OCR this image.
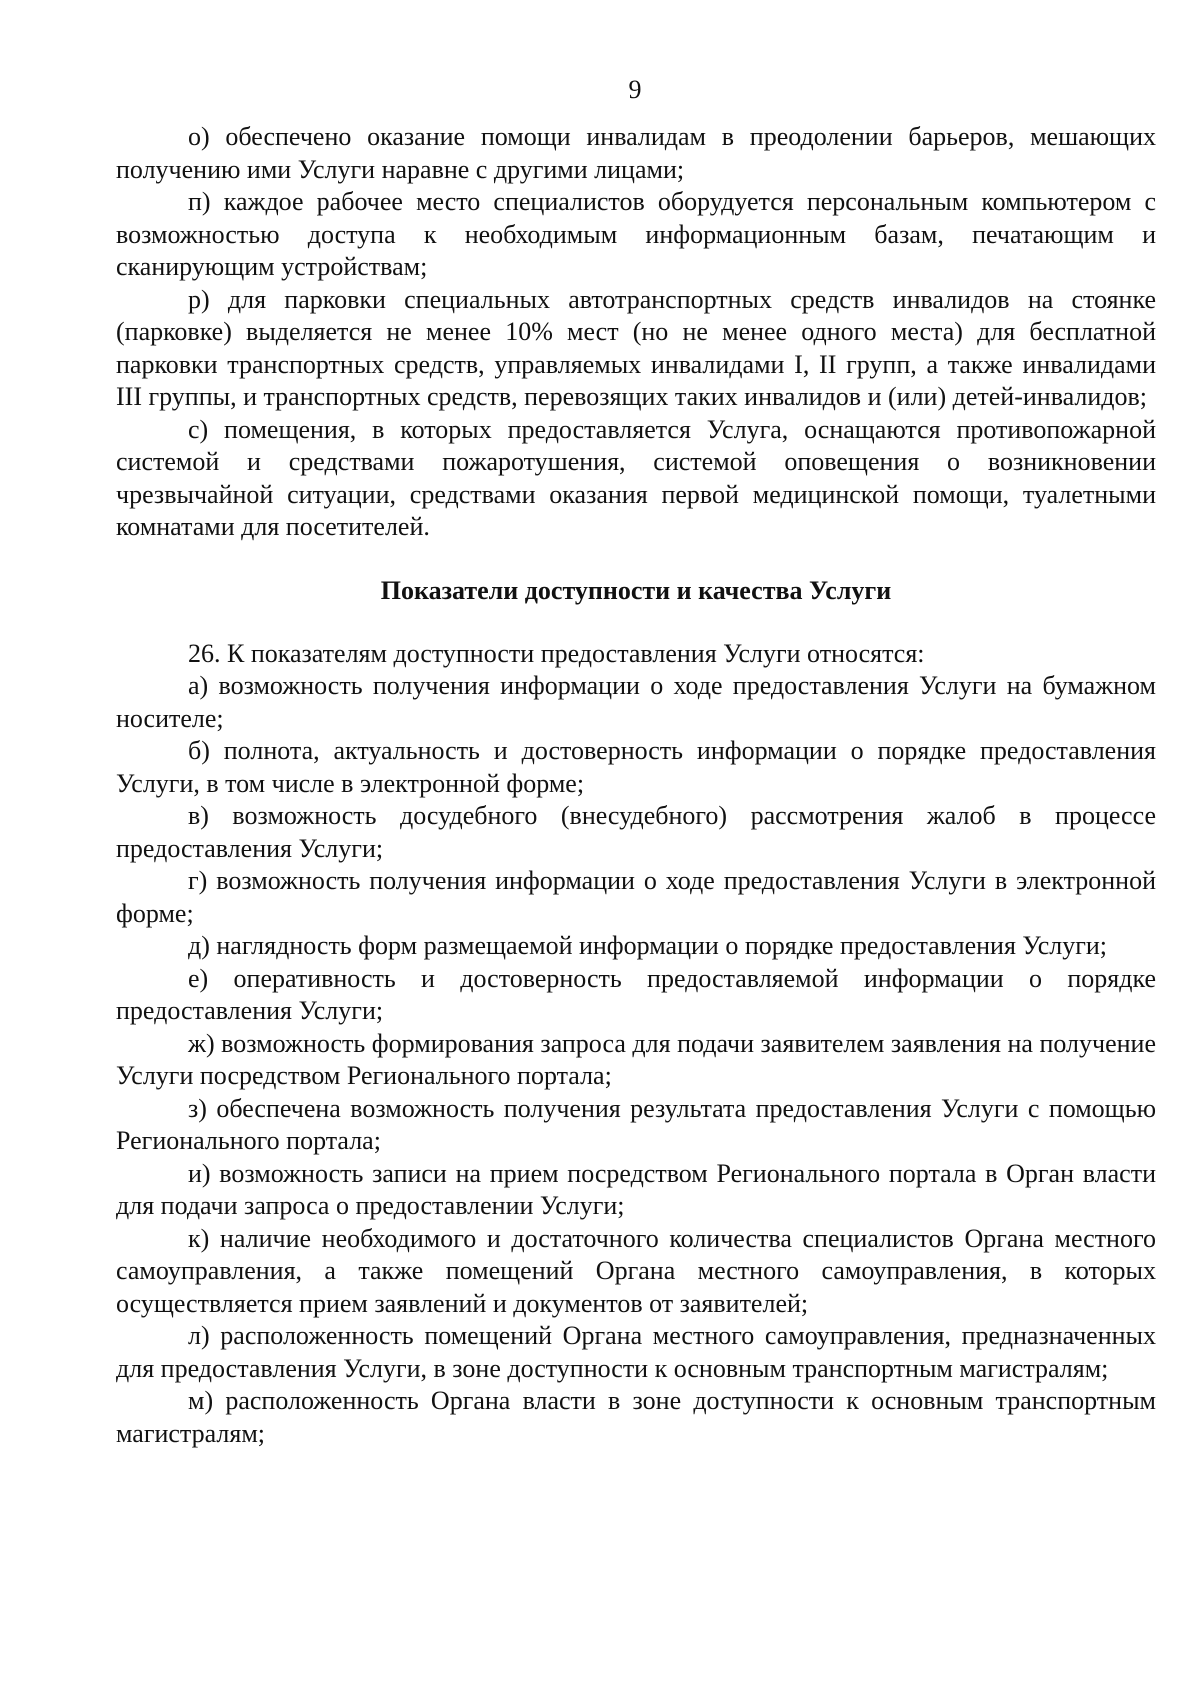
9

о) обеспечено оказание помощи инвалидам в преодолении барьеров, мешающих получению ими Услуги наравне с другими лицами;

п) каждое рабочее место специалистов оборудуется персональным компьютером с возможностью доступа к необходимым информационным базам, печатающим и сканирующим устройствам;

р) для парковки специальных автотранспортных средств инвалидов на стоянке (парковке) выделяется не менее 10% мест (но не менее одного места) для бесплатной парковки транспортных средств, управляемых инвалидами I, II групп, а также инвалидами III группы, и транспортных средств, перевозящих таких инвалидов и (или) детей-инвалидов;

с) помещения, в которых предоставляется Услуга, оснащаются противопожарной системой и средствами пожаротушения, системой оповещения о возникновении чрезвычайной ситуации, средствами оказания первой медицинской помощи, туалетными комнатами для посетителей.

Показатели доступности и качества Услуги

26. К показателям доступности предоставления Услуги относятся:

а) возможность получения информации о ходе предоставления Услуги на бумажном носителе;

б) полнота, актуальность и достоверность информации о порядке предоставления Услуги, в том числе в электронной форме;

в) возможность досудебного (внесудебного) рассмотрения жалоб в процессе предоставления Услуги;

г) возможность получения информации о ходе предоставления Услуги в электронной форме;

д) наглядность форм размещаемой информации о порядке предоставления Услуги;

е) оперативность и достоверность предоставляемой информации о порядке предоставления Услуги;

ж) возможность формирования запроса для подачи заявителем заявления на получение Услуги посредством Регионального портала;

з) обеспечена возможность получения результата предоставления Услуги с помощью Регионального портала;

и) возможность записи на прием посредством Регионального портала в Орган власти для подачи запроса о предоставлении Услуги;

к) наличие необходимого и достаточного количества специалистов Органа местного самоуправления, а также помещений Органа местного самоуправления, в которых осуществляется прием заявлений и документов от заявителей;

л) расположенность помещений Органа местного самоуправления, предназначенных для предоставления Услуги, в зоне доступности к основным транспортным магистралям;

м) расположенность Органа власти в зоне доступности к основным транспортным магистралям;
